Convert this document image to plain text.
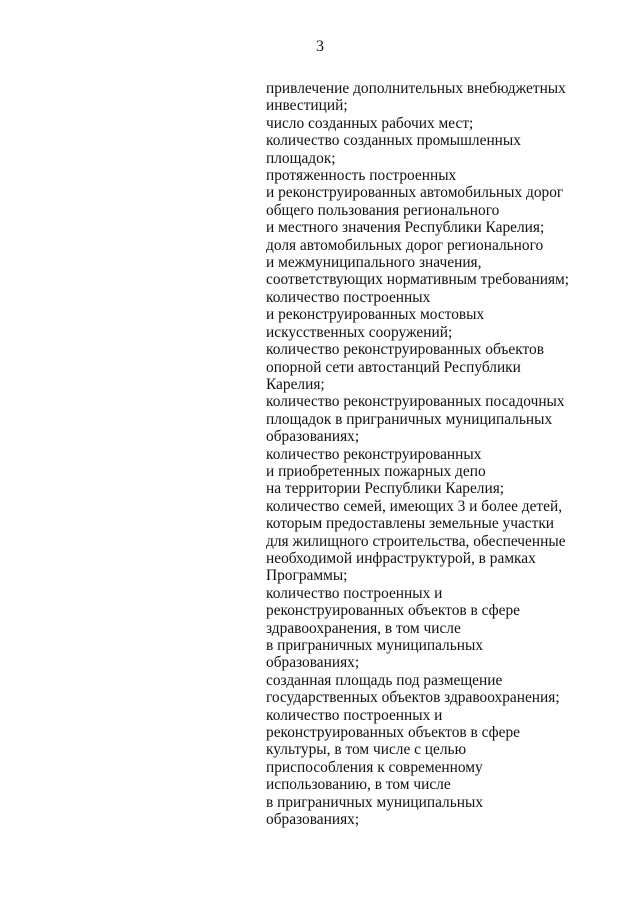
3
привлечение дополнительных внебюджетных
инвестиций;
число созданных рабочих мест;
количество созданных промышленных
площадок;
протяженность построенных
и реконструированных автомобильных дорог
общего пользования регионального
и местного значения Республики Карелия;
доля автомобильных дорог регионального
и межмуниципального значения,
соответствующих нормативным требованиям;
количество построенных
и реконструированных мостовых
искусственных сооружений;
количество реконструированных объектов
опорной сети автостанций Республики
Карелия;
количество реконструированных посадочных
площадок в приграничных муниципальных
образованиях;
количество реконструированных
и приобретенных пожарных депо
на территории Республики Карелия;
количество семей, имеющих 3 и более детей,
которым предоставлены земельные участки
для жилищного строительства, обеспеченные
необходимой инфраструктурой, в рамках
Программы;
количество построенных и
реконструированных объектов в сфере
здравоохранения, в том числе
в приграничных муниципальных
образованиях;
созданная площадь под размещение
государственных объектов здравоохранения;
количество построенных и
реконструированных объектов в сфере
культуры, в том числе с целью
приспособления к современному
использованию, в том числе
в приграничных муниципальных
образованиях;
